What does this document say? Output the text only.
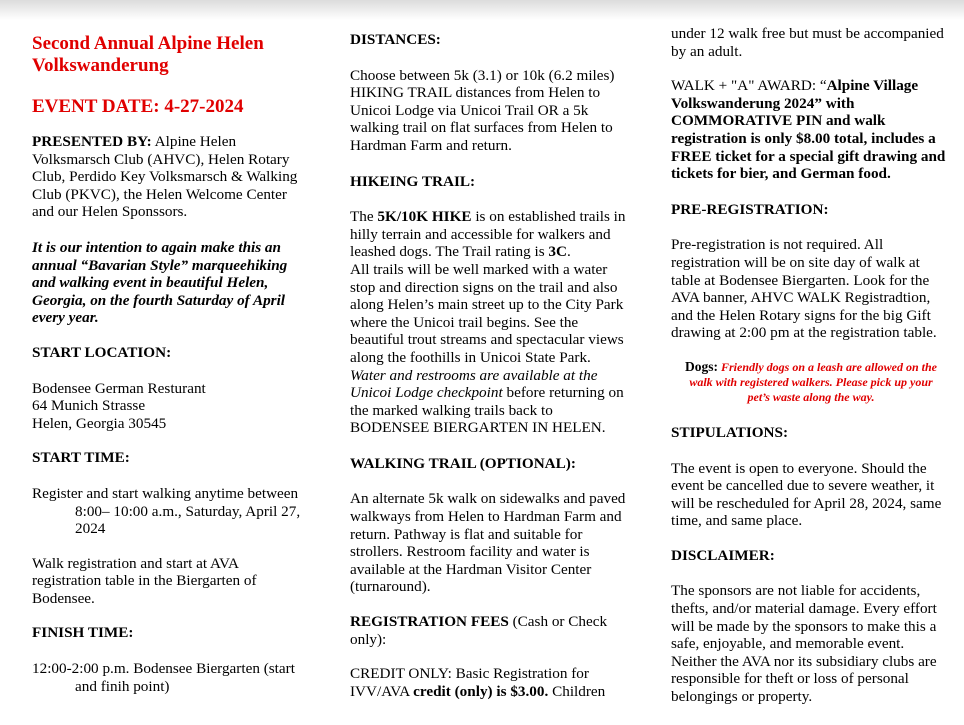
Second Annual Alpine Helen
Volkswanderung
EVENT DATE: 4-27-2024

PRESENTED BY: Alpine Helen
Volksmarsch Club (AHVC), Helen Rotary
Club, Perdido Key Volksmarsch & Walking
Club (PKVC), the Helen Welcome Center
and our Helen Sponssors.

It is our intention to again make this an
annual “Bavarian Style” marqueehiking
and walking event in beautiful Helen,
Georgia, on the fourth Saturday of April
every year.

START LOCATION:

Bodensee German Resturant
64 Munich Strasse
Helen, Georgia 30545

START TIME:

Register and start walking anytime between
8:00– 10:00 a.m., Saturday, April 27,
2024

Walk registration and start at AVA
registration table in the Biergarten of
Bodensee.

FINISH TIME:

12:00-2:00 p.m. Bodensee Biergarten (start
and finih point)

DISTANCES:

Choose between 5k (3.1) or 10k (6.2 miles)
HIKING TRAIL distances from Helen to
Unicoi Lodge via Unicoi Trail OR a 5k
walking trail on flat surfaces from Helen to
Hardman Farm and return.

HIKEING TRAIL:

The 5K/10K HIKE is on established trails in
hilly terrain and accessible for walkers and
leashed dogs. The Trail rating is 3C.
All trails will be well marked with a water
stop and direction signs on the trail and also
along Helen’s main street up to the City Park
where the Unicoi trail begins. See the
beautiful trout streams and spectacular views
along the foothills in Unicoi State Park.
Water and restrooms are available at the
Unicoi Lodge checkpoint before returning on
the marked walking trails back to
BODENSEE BIERGARTEN IN HELEN.

WALKING TRAIL (OPTIONAL):

An alternate 5k walk on sidewalks and paved
walkways from Helen to Hardman Farm and
return. Pathway is flat and suitable for
strollers. Restroom facility and water is
available at the Hardman Visitor Center
(turnaround).

REGISTRATION FEES (Cash or Check
only):

CREDIT ONLY: Basic Registration for
IVV/AVA credit (only) is $3.00. Children

under 12 walk free but must be accompanied
by an adult.

WALK + "A" AWARD: “Alpine Village
Volkswanderung 2024” with
COMMORATIVE PIN and walk
registration is only $8.00 total, includes a
FREE ticket for a special gift drawing and
tickets for bier, and German food.

PRE-REGISTRATION:

Pre-registration is not required. All
registration will be on site day of walk at
table at Bodensee Biergarten. Look for the
AVA banner, AHVC WALK Registradtion,
and the Helen Rotary signs for the big Gift
drawing at 2:00 pm at the registration table.

Dogs: Friendly dogs on a leash are allowed on the
walk with registered walkers. Please pick up your
pet’s waste along the way.

STIPULATIONS:

The event is open to everyone. Should the
event be cancelled due to severe weather, it
will be rescheduled for April 28, 2024, same
time, and same place.

DISCLAIMER:

The sponsors are not liable for accidents,
thefts, and/or material damage. Every effort
will be made by the sponsors to make this a
safe, enjoyable, and memorable event.
Neither the AVA nor its subsidiary clubs are
responsible for theft or loss of personal
belongings or property.
